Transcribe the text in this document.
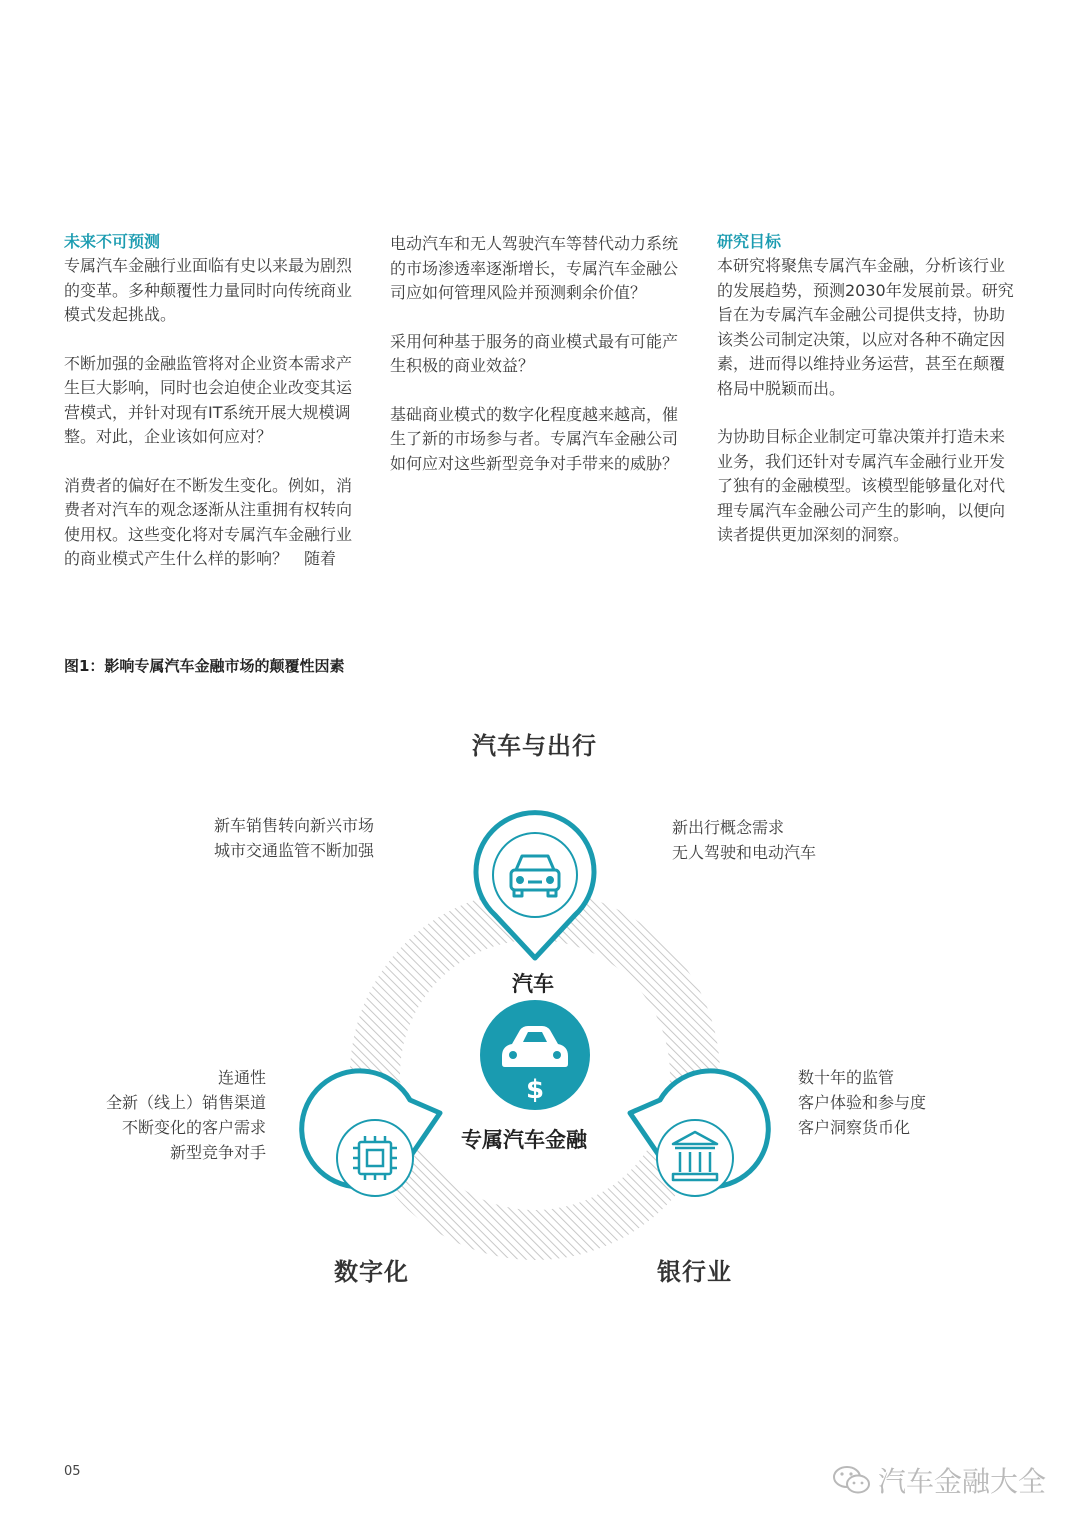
未来不可预测

专属汽车金融行业面临有史以来最为剧烈的变革。多种颠覆性力量同时向传统商业模式发起挑战。

不断加强的金融监管将对企业资本需求产生巨大影响，同时也会迫使企业改变其运营模式，并针对现有IT系统开展大规模调整。对此，企业该如何应对？

消费者的偏好在不断发生变化。例如，消费者对汽车的观念逐渐从注重拥有权转向使用权。这些变化将对专属汽车金融行业的商业模式产生什么样的影响？　随着

电动汽车和无人驾驶汽车等替代动力系统的市场渗透率逐渐增长，专属汽车金融公司应如何管理风险并预测剩余价值？

采用何种基于服务的商业模式最有可能产生积极的商业效益？

基础商业模式的数字化程度越来越高，催生了新的市场参与者。专属汽车金融公司如何应对这些新型竞争对手带来的威胁？

研究目标

本研究将聚焦专属汽车金融，分析该行业的发展趋势，预测2030年发展前景。研究旨在为专属汽车金融公司提供支持，协助该类公司制定决策，以应对各种不确定因素，进而得以维持业务运营，甚至在颠覆格局中脱颖而出。

为协助目标企业制定可靠决策并打造未来业务，我们还针对专属汽车金融行业开发了独有的金融模型。该模型能够量化对代理专属汽车金融公司产生的影响，以便向读者提供更加深刻的洞察。

图1：影响专属汽车金融市场的颠覆性因素
$
汽车与出行
新车销售转向新兴市场
城市交通监管不断加强
新出行概念需求
无人驾驶和电动汽车
连通性
全新（线上）销售渠道
不断变化的客户需求
新型竞争对手
数十年的监管
客户体验和参与度
客户洞察货币化
汽车
专属汽车金融
数字化	银行业
05	汽车金融大全
